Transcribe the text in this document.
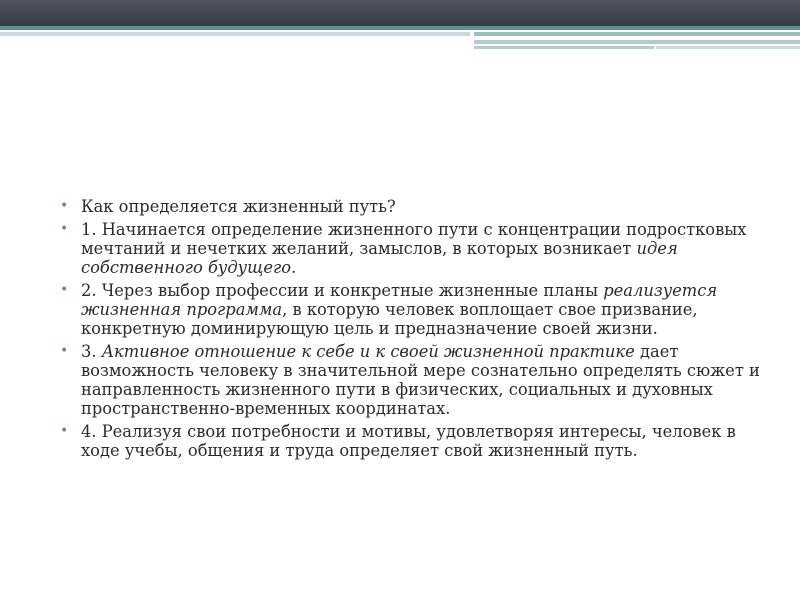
• Как определяется жизненный путь?
• 1. Начинается определение жизненного пути с концентрации подростковых мечтаний и нечетких желаний, замыслов, в которых возникает идея собственного будущего.
• 2. Через выбор профессии и конкретные жизненные планы реализуется жизненная программа, в которую человек воплощает свое призвание, конкретную доминирующую цель и предназначение своей жизни.
• 3. Активное отношение к себе и к своей жизненной практике дает возможность человеку в значительной мере сознательно определять сюжет и направленность жизненного пути в физических, социальных и духовных пространственно-временных координатах.
• 4. Реализуя свои потребности и мотивы, удовлетворяя интересы, человек в ходе учебы, общения и труда определяет свой жизненный путь.
